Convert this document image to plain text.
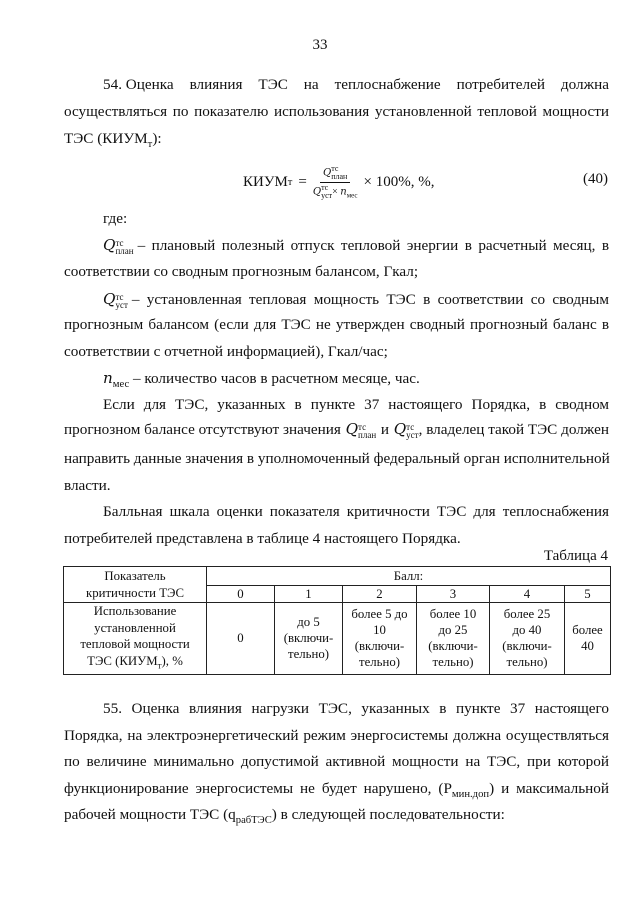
33
54. Оценка влияния ТЭС на теплоснабжение потребителей должна
осуществляться по показателю использования установленной тепловой мощности
ТЭС $(КИУМ_т)$:
КИУМ т = Q тс
план
Q тс
уст × $n_{мес} \times 100\%$, %,	(40)
где:
Q тс
план – плановый полезный отпуск тепловой энергии в расчетный месяц, в
соответствии со сводным прогнозным балансом, Гкал;
Q тс
уст – установленная тепловая мощность ТЭС в соответствии со сводным
прогнозным балансом (если для ТЭС не утвержден сводный прогнозный баланс в
соответствии с отчетной информацией), Гкал/час;
$n_{мес}$ – количество часов в расчетном месяце, час.
Если для ТЭС, указанных в пункте 37 настоящего Порядка, в сводном
прогнозном балансе отсутствуют значения Q тс
план и Q тс
уст , владелец такой ТЭС должен
направить данные значения в уполномоченный федеральный орган исполнительной
власти.
Балльная шкала оценки показателя критичности ТЭС для теплоснабжения
потребителей представлена в таблице 4 настоящего Порядка.
Таблица 4
Показатель
критичности ТЭС	Балл:					
	0	1	2	3	4	5
Использование
установленной
тепловой мощности
ТЭС $(КИУМ_т)$, %	0	до 5
(включи-
тельно)	более 5 до
10
(включи-
тельно)	более 10
до 25
(включи-
тельно)	более 25
до 40
(включи-
тельно)	более 40
55. Оценка влияния нагрузки ТЭС, указанных в пункте 37 настоящего
Порядка, на электроэнергетический режим энергосистемы должна осуществляться
по величине минимально допустимой активной мощности на ТЭС, при которой
функционирование энергосистемы не будет нарушено, $(P_{мин.доп})$ и максимальной
рабочей мощности ТЭС $(q_{рабТЭС})$ в следующей последовательности:
